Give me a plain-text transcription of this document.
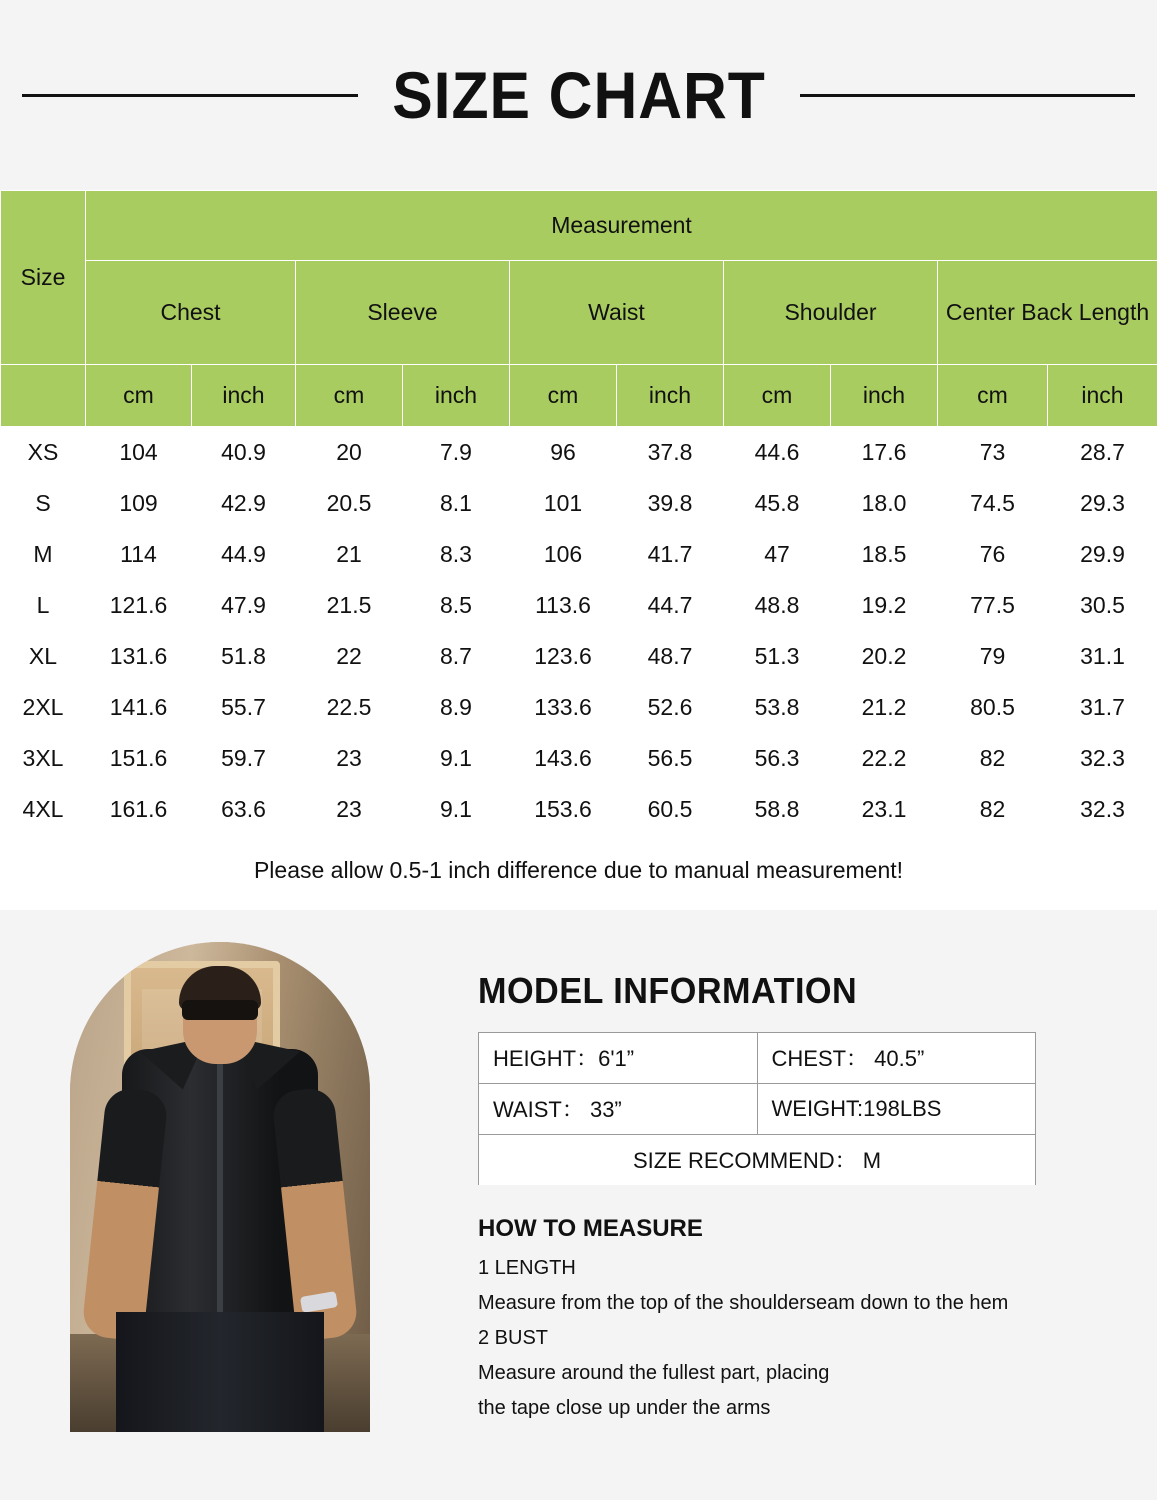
SIZE CHART
Size	Measurement									
	Chest		Sleeve		Waist		Shoulder		Center Back Length	
	cm	inch	cm	inch	cm	inch	cm	inch	cm	inch
XS	104	40.9	20	7.9	96	37.8	44.6	17.6	73	28.7
S	109	42.9	20.5	8.1	101	39.8	45.8	18.0	74.5	29.3
M	114	44.9	21	8.3	106	41.7	47	18.5	76	29.9
L	121.6	47.9	21.5	8.5	113.6	44.7	48.8	19.2	77.5	30.5
XL	131.6	51.8	22	8.7	123.6	48.7	51.3	20.2	79	31.1
2XL	141.6	55.7	22.5	8.9	133.6	52.6	53.8	21.2	80.5	31.7
3XL	151.6	59.7	23	9.1	143.6	56.5	56.3	22.2	82	32.3
4XL	161.6	63.6	23	9.1	153.6	60.5	58.8	23.1	82	32.3
Please allow 0.5-1 inch difference due to manual measurement!
MODEL INFORMATION
HEIGHT：6'1”	CHEST： 40.5”
WAIST： 33”	WEIGHT:198LBS
SIZE RECOMMEND： M	
HOW TO MEASURE

1 LENGTH

Measure from the top of the shoulderseam down to the hem

2 BUST

Measure around the fullest part, placing

the tape close up under the arms
